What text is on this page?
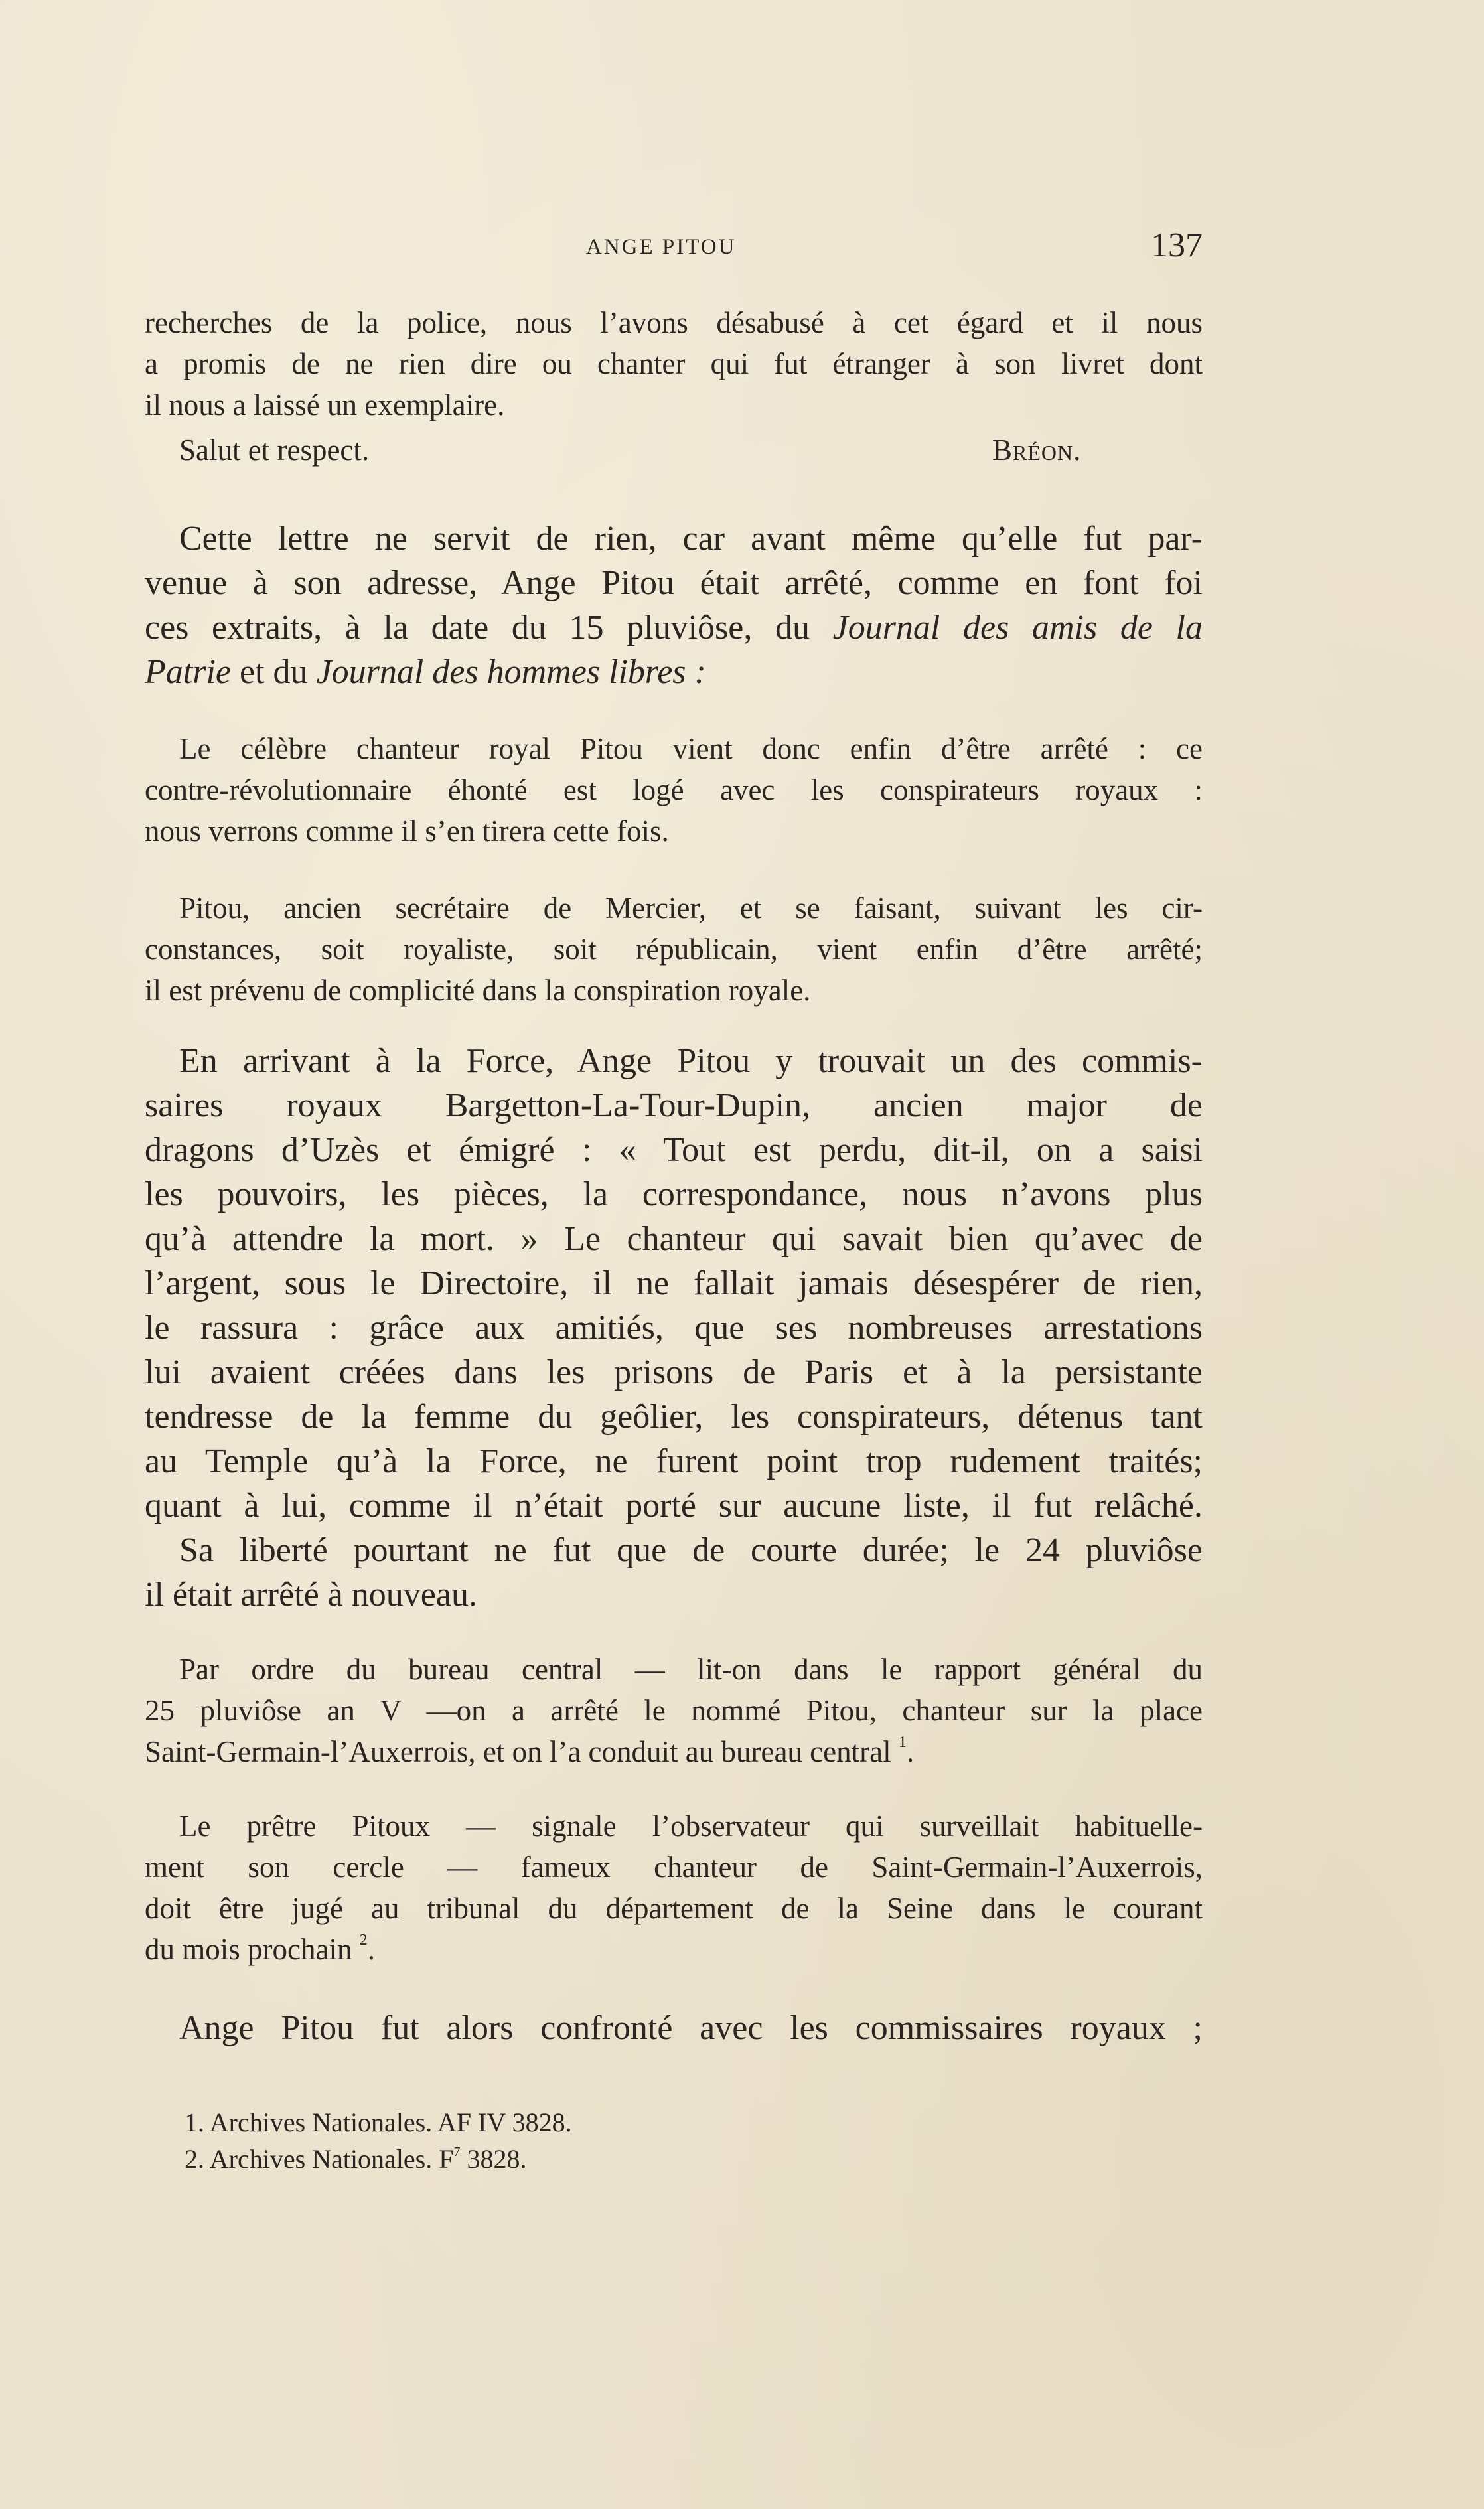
ANGE PITOU	137
recherches de la police, nous l’avons désabusé à cet égard et il nous
a promis de ne rien dire ou chanter qui fut étranger à son livret dont
il nous a laissé un exemplaire.
Salut et respect.	Bréon.
Cette lettre ne servit de rien, car avant même qu’elle fut par-
venue à son adresse, Ange Pitou était arrêté, comme en font foi
ces extraits, à la date du 15 pluviôse, du Journal des amis de la
Patrie et du Journal des hommes libres :
Le célèbre chanteur royal Pitou vient donc enfin d’être arrêté : ce
contre-révolutionnaire éhonté est logé avec les conspirateurs royaux :
nous verrons comme il s’en tirera cette fois.
Pitou, ancien secrétaire de Mercier, et se faisant, suivant les cir-
constances, soit royaliste, soit républicain, vient enfin d’être arrêté;
il est prévenu de complicité dans la conspiration royale.
En arrivant à la Force, Ange Pitou y trouvait un des commis-
saires royaux Bargetton-La-Tour-Dupin, ancien major de
dragons d’Uzès et émigré : « Tout est perdu, dit-il, on a saisi
les pouvoirs, les pièces, la correspondance, nous n’avons plus
qu’à attendre la mort. » Le chanteur qui savait bien qu’avec de
l’argent, sous le Directoire, il ne fallait jamais désespérer de rien,
le rassura : grâce aux amitiés, que ses nombreuses arrestations
lui avaient créées dans les prisons de Paris et à la persistante
tendresse de la femme du geôlier, les conspirateurs, détenus tant
au Temple qu’à la Force, ne furent point trop rudement traités;
quant à lui, comme il n’était porté sur aucune liste, il fut relâché.
Sa liberté pourtant ne fut que de courte durée; le 24 pluviôse
il était arrêté à nouveau.
Par ordre du bureau central — lit-on dans le rapport général du
25 pluviôse an V —on a arrêté le nommé Pitou, chanteur sur la place
Saint-Germain-l’Auxerrois, et on l’a conduit au bureau central $^1$.
Le prêtre Pitoux — signale l’observateur qui surveillait habituelle-
ment son cercle — fameux chanteur de Saint-Germain-l’Auxerrois,
doit être jugé au tribunal du département de la Seine dans le courant
du mois prochain $^2$.
Ange Pitou fut alors confronté avec les commissaires royaux ;
1. Archives Nationales. AF IV 3828.
2. Archives Nationales. $F^7$ 3828.
